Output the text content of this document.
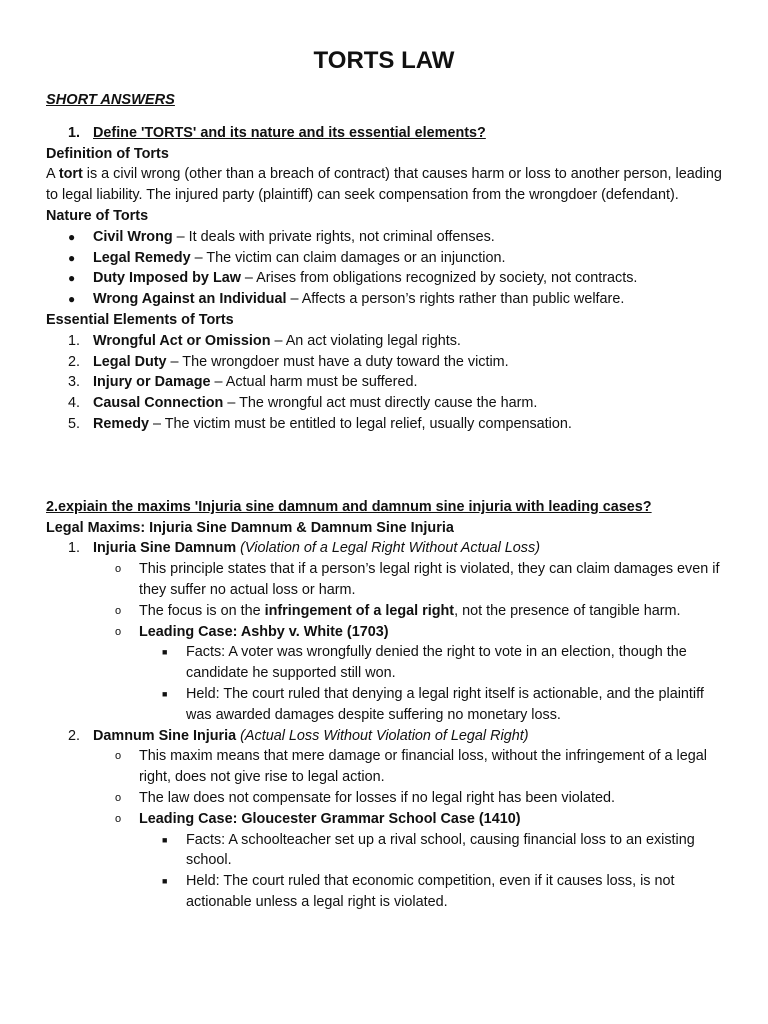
TORTS LAW
SHORT ANSWERS
1. Define 'TORTS' and its nature and its essential elements?
Definition of Torts

A tort is a civil wrong (other than a breach of contract) that causes harm or loss to another person, leading to legal liability. The injured party (plaintiff) can seek compensation from the wrongdoer (defendant).

Nature of Torts
●	Civil Wrong – It deals with private rights, not criminal offenses.
●	Legal Remedy – The victim can claim damages or an injunction.
●	Duty Imposed by Law – Arises from obligations recognized by society, not contracts.
●	Wrong Against an Individual – Affects a person’s rights rather than public welfare.
Essential Elements of Torts
1. Wrongful Act or Omission – An act violating legal rights.
2. Legal Duty – The wrongdoer must have a duty toward the victim.
3. Injury or Damage – Actual harm must be suffered.
4. Causal Connection – The wrongful act must directly cause the harm.
5. Remedy – The victim must be entitled to legal relief, usually compensation.
2.expiain the maxims 'Injuria sine damnum and damnum sine injuria with leading cases?
Legal Maxims: Injuria Sine Damnum & Damnum Sine Injuria
1. Injuria Sine Damnum (Violation of a Legal Right Without Actual Loss)
o	This principle states that if a person’s legal right is violated, they can claim damages even if they suffer no actual loss or harm.
o	The focus is on the infringement of a legal right, not the presence of tangible harm.
o	Leading Case: Ashby v. White (1703)
■	Facts: A voter was wrongfully denied the right to vote in an election, though the candidate he supported still won.
■	Held: The court ruled that denying a legal right itself is actionable, and the plaintiff was awarded damages despite suffering no monetary loss.
2. Damnum Sine Injuria (Actual Loss Without Violation of Legal Right)
o	This maxim means that mere damage or financial loss, without the infringement of a legal right, does not give rise to legal action.
o	The law does not compensate for losses if no legal right has been violated.
o	Leading Case: Gloucester Grammar School Case (1410)
■	Facts: A schoolteacher set up a rival school, causing financial loss to an existing school.
■	Held: The court ruled that economic competition, even if it causes loss, is not actionable unless a legal right is violated.
